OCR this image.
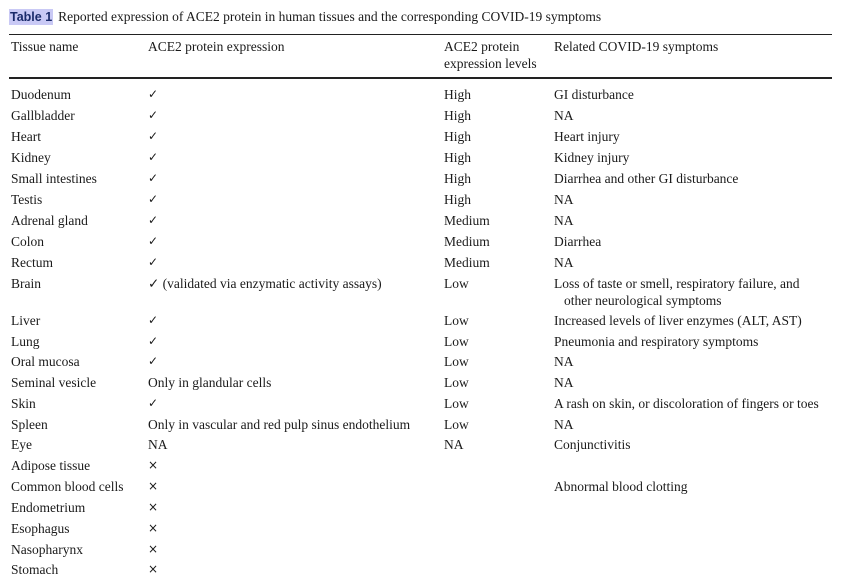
Table 1 Reported expression of ACE2 protein in human tissues and the corresponding COVID-19 symptoms
Tissue name	ACE2 protein expression	ACE2 protein
expression levels
Related COVID-19 symptoms
Duodenum	✓	High	GI disturbance
Gallbladder	✓	High	NA
Heart	✓	High	Heart injury
Kidney	✓	High	Kidney injury
Small intestines	✓	High	Diarrhea and other GI disturbance
Testis	✓	High	NA
Adrenal gland	✓	Medium	NA
Colon	✓	Medium	Diarrhea
Rectum	✓	Medium	NA
Brain	✓ (validated via enzymatic activity assays)	Low	Loss of taste or smell, respiratory failure, and
other neurological symptoms
Liver	✓	Low	Increased levels of liver enzymes (ALT, AST)
Lung	✓	Low	Pneumonia and respiratory symptoms
Oral mucosa	✓	Low	NA
Seminal vesicle	Only in glandular cells	Low	NA
Skin	✓	Low	A rash on skin, or discoloration of fingers or toes
Spleen	Only in vascular and red pulp sinus endothelium	Low	NA
Eye	NA	NA	Conjunctivitis
Adipose tissue	×
Common blood cells ×	Abnormal blood clotting
Endometrium	×
Esophagus	×
Nasopharynx	×
Stomach	×
